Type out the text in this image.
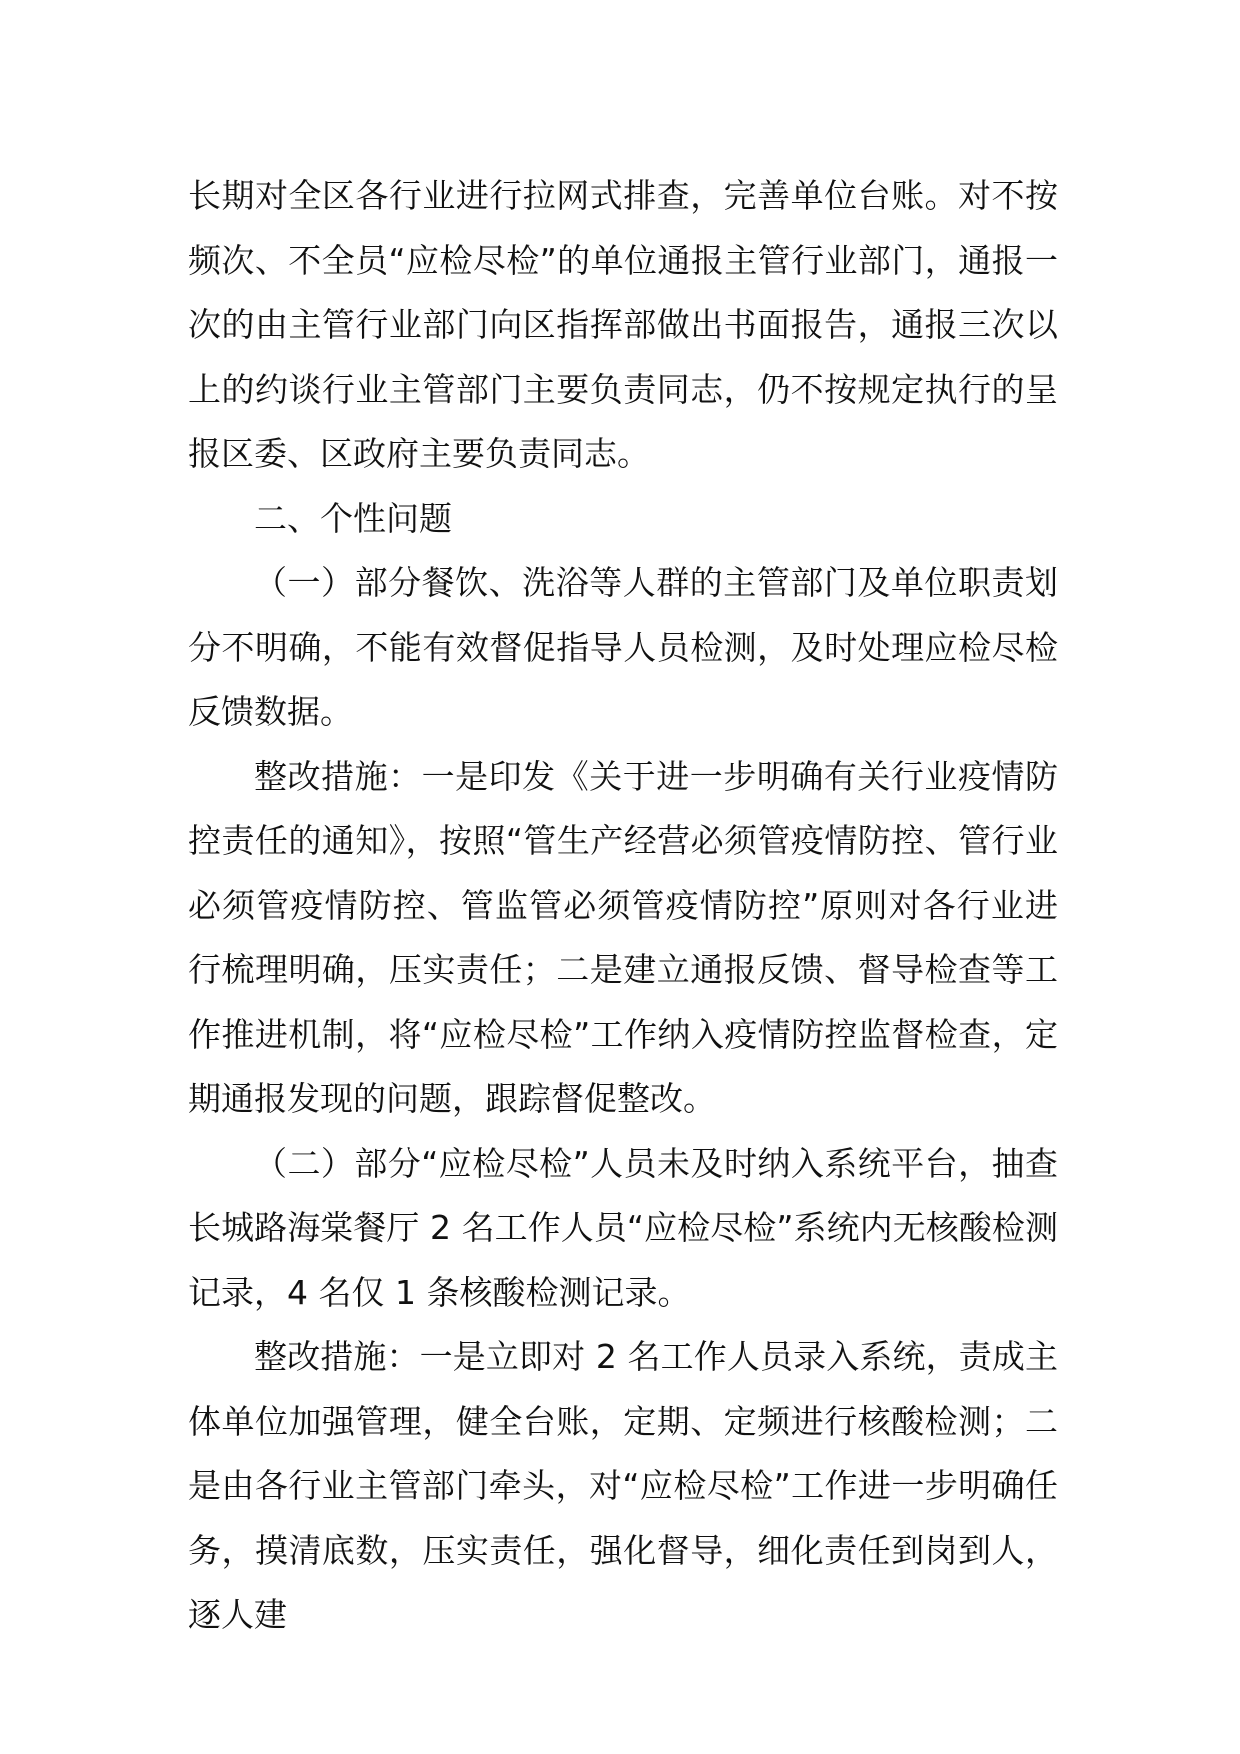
长期对全区各行业进行拉网式排查，完善单位台账。对不按频次、不全员“应检尽检”的单位通报主管行业部门，通报一次的由主管行业部门向区指挥部做出书面报告，通报三次以上的约谈行业主管部门主要负责同志，仍不按规定执行的呈报区委、区政府主要负责同志。

二、个性问题

（一）部分餐饮、洗浴等人群的主管部门及单位职责划分不明确，不能有效督促指导人员检测，及时处理应检尽检反馈数据。

整改措施：一是印发《关于进一步明确有关行业疫情防控责任的通知》，按照“管生产经营必须管疫情防控、管行业必须管疫情防控、管监管必须管疫情防控”原则对各行业进行梳理明确，压实责任；二是建立通报反馈、督导检查等工作推进机制，将“应检尽检”工作纳入疫情防控监督检查，定期通报发现的问题，跟踪督促整改。

（二）部分“应检尽检”人员未及时纳入系统平台，抽查长城路海棠餐厅 2 名工作人员“应检尽检”系统内无核酸检测记录，4 名仅 1 条核酸检测记录。

整改措施：一是立即对 2 名工作人员录入系统，责成主体单位加强管理，健全台账，定期、定频进行核酸检测；二是由各行业主管部门牵头，对“应检尽检”工作进一步明确任务，摸清底数，压实责任，强化督导，细化责任到岗到人，逐人建
